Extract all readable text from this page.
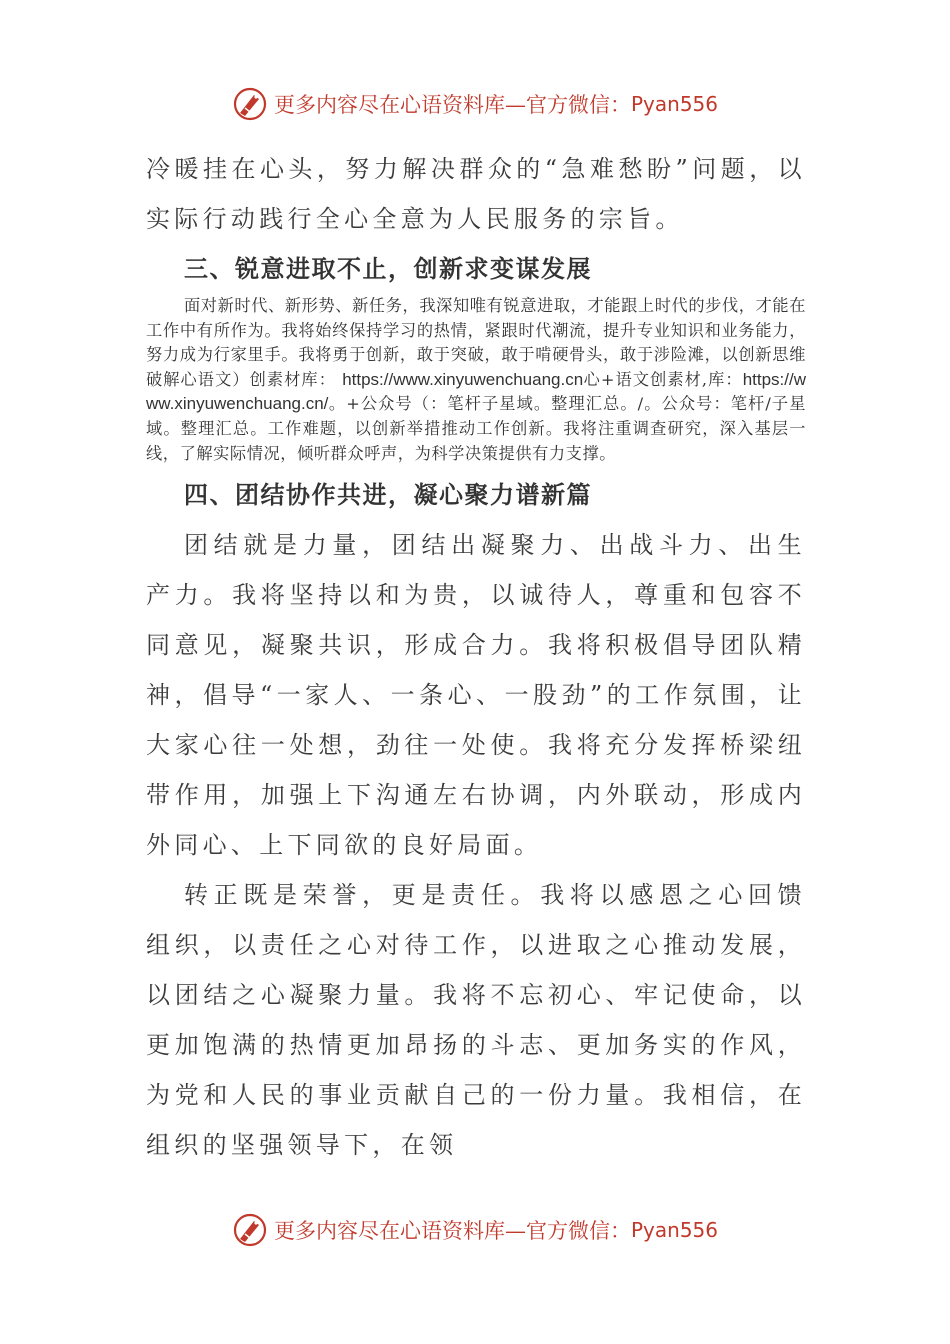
更多内容尽在心语资料库—官方微信： Pyan556

冷暖挂在心头，努力解决群众的“急难愁盼”问题，以实际行动践行全心全意为人民服务的宗旨。

三、锐意进取不止，创新求变谋发展

面对新时代、新形势、新任务，我深知唯有锐意进取，才能跟上时代的步伐，才能在工作中有所作为。我将始终保持学习的热情，紧跟时代潮流，提升专业知识和业务能力，努力成为行家里手。我将勇于创新，敢于突破，敢于啃硬骨头，敢于涉险滩，以创新思维破解心语文）创素材库： https://www.xinyuwenchuang.cn心+语文创素材,库：https://www.xinyuwenchuang.cn/。+公众号（：笔杆子星域。整理汇总。/。公众号：笔杆/子星域。整理汇总。工作难题，以创新举措推动工作创新。我将注重调查研究，深入基层一线，了解实际情况，倾听群众呼声，为科学决策提供有力支撑。

四、团结协作共进，凝心聚力谱新篇

团结就是力量，团结出凝聚力、出战斗力、出生产力。我将坚持以和为贵，以诚待人，尊重和包容不同意见，凝聚共识，形成合力。我将积极倡导团队精神，倡导“一家人、一条心、一股劲”的工作氛围，让大家心往一处想，劲往一处使。我将充分发挥桥梁纽带作用，加强上下沟通左右协调，内外联动，形成内外同心、上下同欲的良好局面。

转正既是荣誉，更是责任。我将以感恩之心回馈组织，以责任之心对待工作，以进取之心推动发展，以团结之心凝聚力量。我将不忘初心、牢记使命，以更加饱满的热情更加昂扬的斗志、更加务实的作风，为党和人民的事业贡献自己的一份力量。我相信，在组织的坚强领导下，在领

更多内容尽在心语资料库—官方微信： Pyan556
